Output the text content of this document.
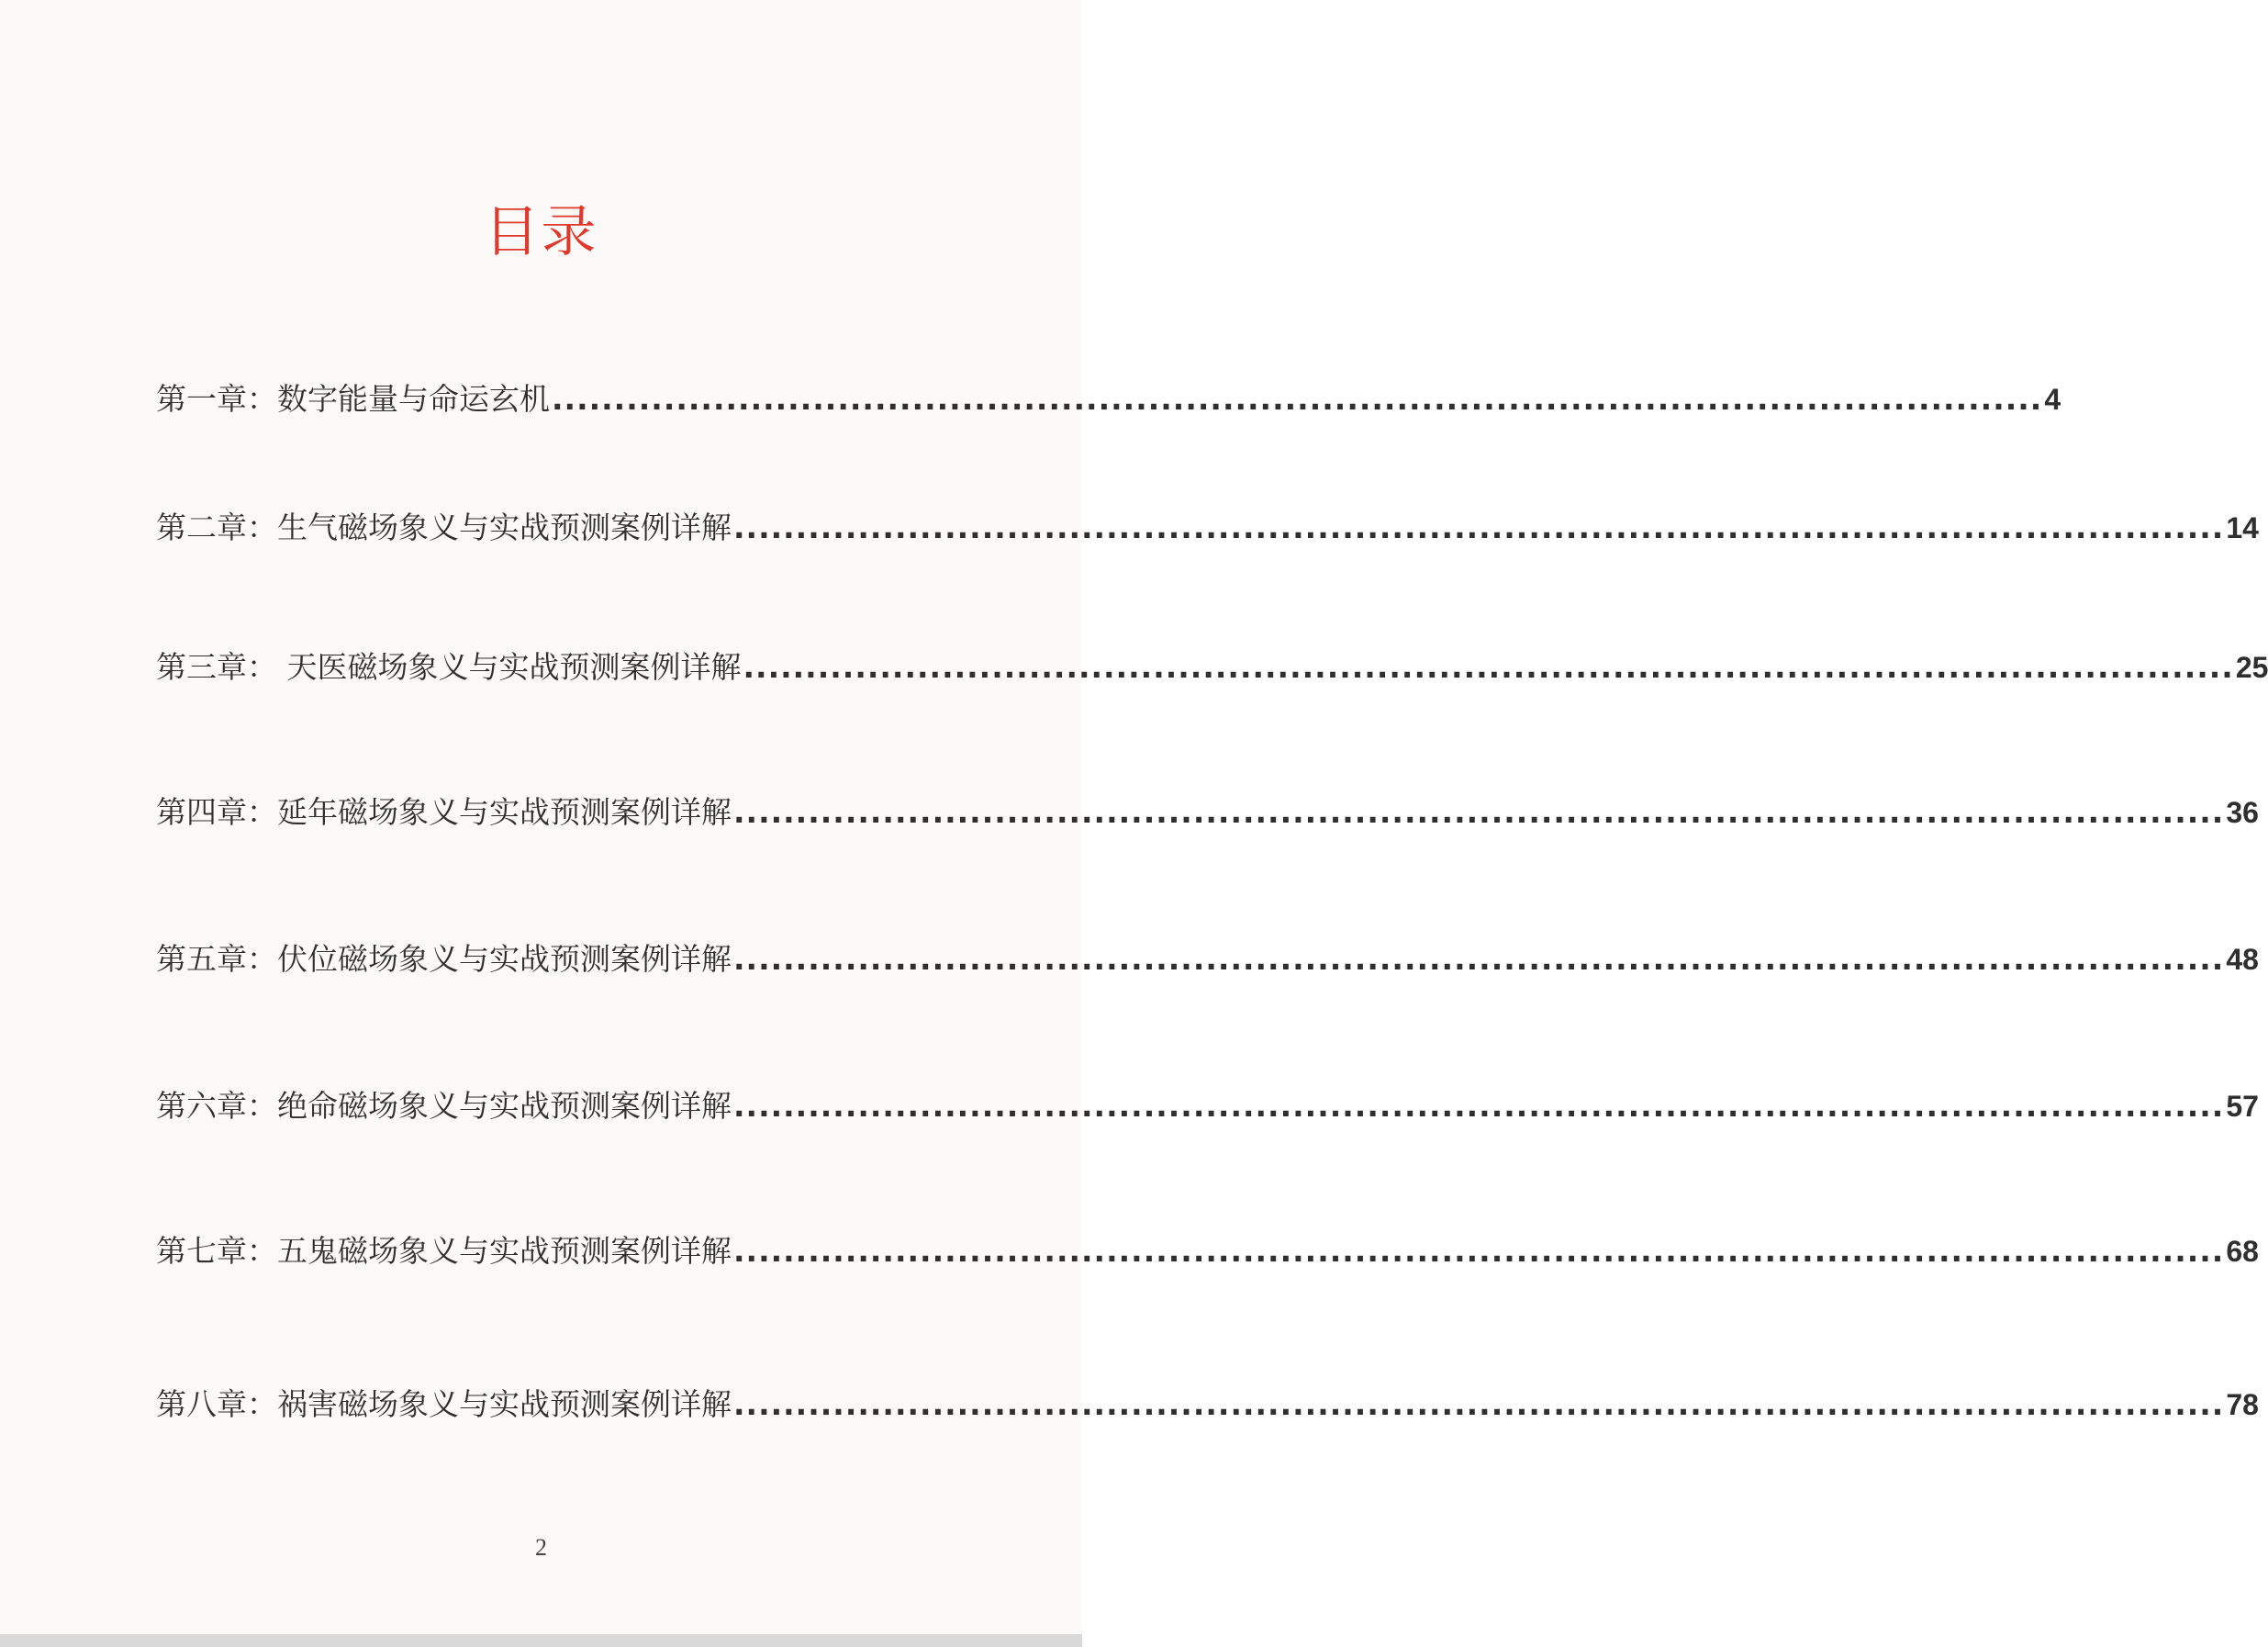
目录
第一章：数字能量与命运玄机 ........................................................................................................................ 4
第二章：生气磁场象义与实战预测案例详解 ........................................................................................................................ 14
第三章： 天医磁场象义与实战预测案例详解 ........................................................................................................................ 25
第四章：延年磁场象义与实战预测案例详解 ........................................................................................................................ 36
第五章：伏位磁场象义与实战预测案例详解 ........................................................................................................................ 48
第六章：绝命磁场象义与实战预测案例详解 ........................................................................................................................ 57
第七章：五鬼磁场象义与实战预测案例详解 ........................................................................................................................ 68
第八章：祸害磁场象义与实战预测案例详解 ........................................................................................................................ 78
2
